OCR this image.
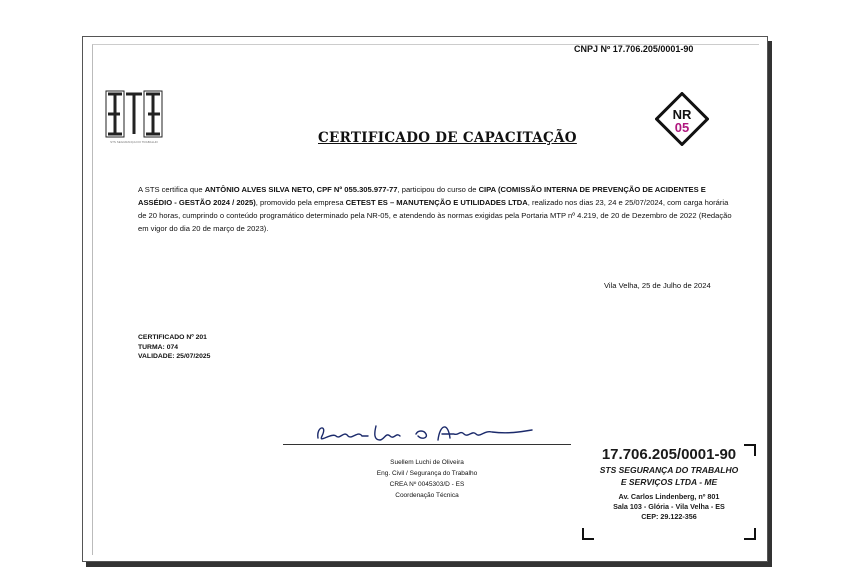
CNPJ Nº 17.706.205/0001-90
STS SEGURANÇA DO TRABALHO
NR
05
CERTIFICADO DE CAPACITAÇÃO
A STS certifica que ANTÔNIO ALVES SILVA NETO, CPF Nº 055.305.977-77, participou do curso de CIPA (COMISSÃO INTERNA DE PREVENÇÃO DE ACIDENTES E ASSÉDIO - GESTÃO 2024 / 2025), promovido pela empresa CETEST ES – MANUTENÇÃO E UTILIDADES LTDA, realizado nos dias 23, 24 e 25/07/2024, com carga horária de 20 horas, cumprindo o conteúdo programático determinado pela NR-05, e atendendo às normas exigidas pela Portaria MTP nº 4.219, de 20 de Dezembro de 2022 (Redação em vigor do dia 20 de março de 2023).
Vila Velha, 25 de Julho de 2024
CERTIFICADO Nº 201
TURMA: 074
VALIDADE: 25/07/2025
Suellem Luchi de Oliveira
Eng. Civil / Segurança do Trabalho
CREA Nº 0045303/D - ES
Coordenação Técnica
17.706.205/0001-90
STS SEGURANÇA DO TRABALHO
E SERVIÇOS LTDA - ME
Av. Carlos Lindenberg, nº 801
Sala 103 - Glória - Vila Velha - ES
CEP: 29.122-356
